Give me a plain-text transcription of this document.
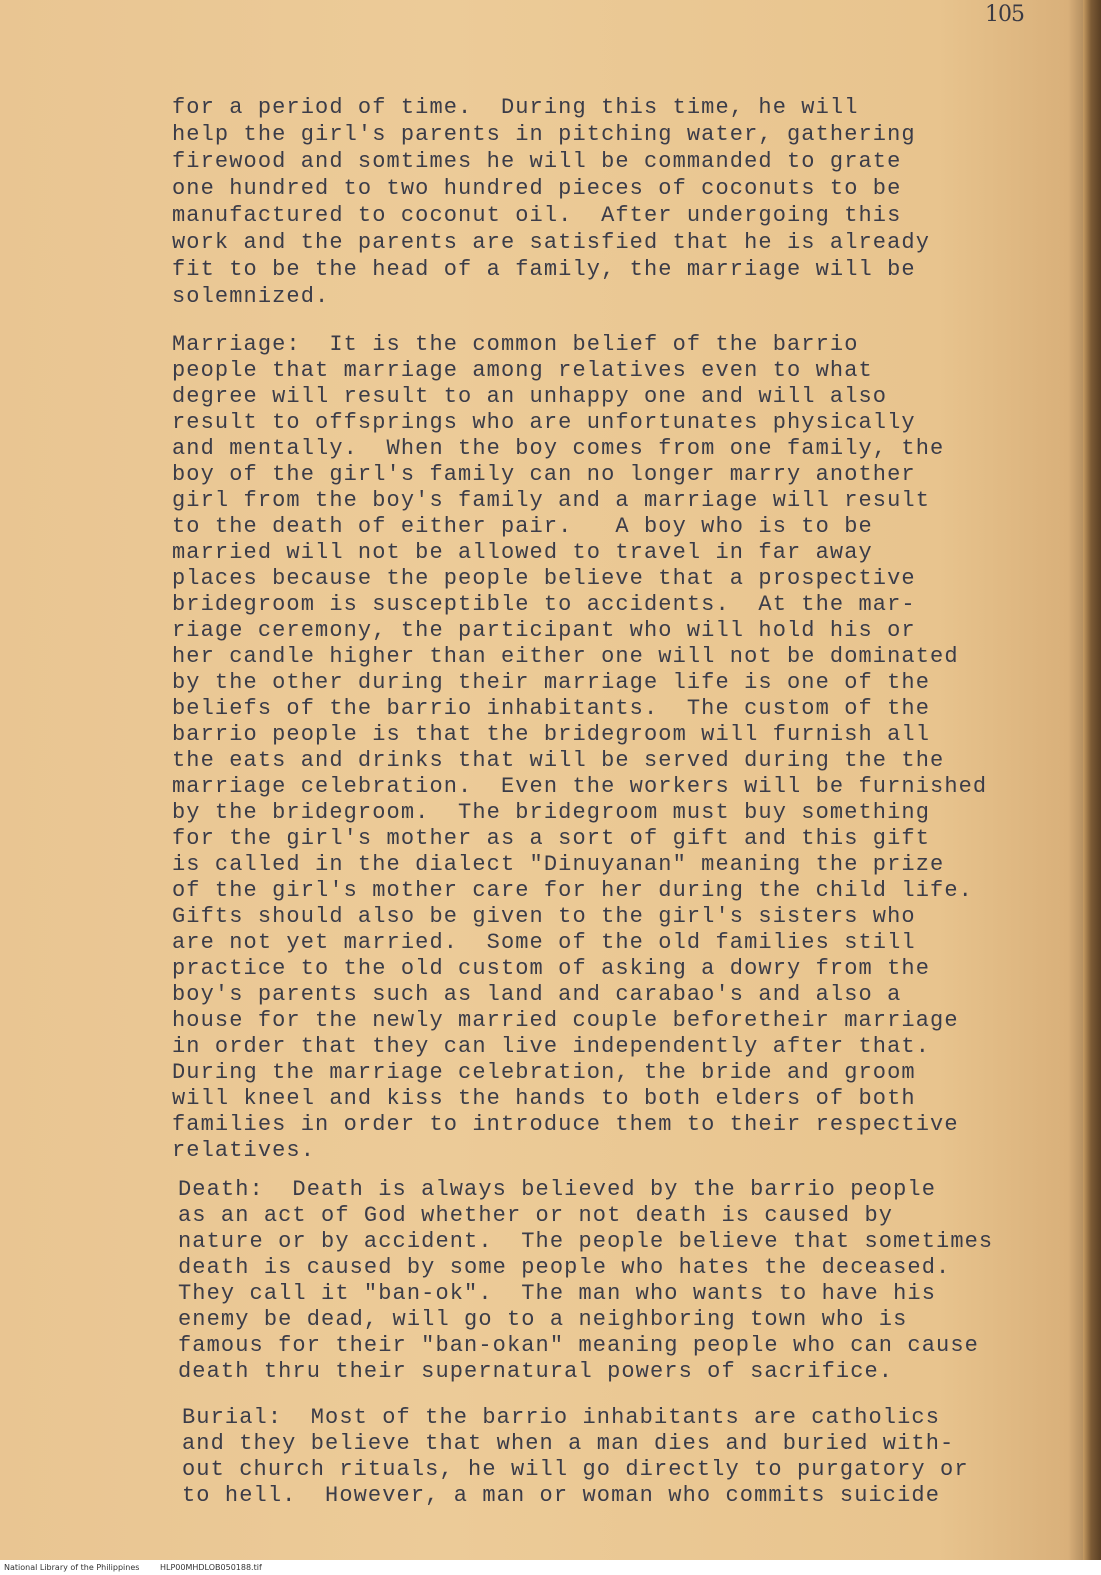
105
for a period of time.  During this time, he will
help the girl's parents in pitching water, gathering
firewood and somtimes he will be commanded to grate
one hundred to two hundred pieces of coconuts to be
manufactured to coconut oil.  After undergoing this
work and the parents are satisfied that he is already
fit to be the head of a family, the marriage will be
solemnized.
Marriage:  It is the common belief of the barrio
people that marriage among relatives even to what
degree will result to an unhappy one and will also
result to offsprings who are unfortunates physically
and mentally.  When the boy comes from one family, the
boy of the girl's family can no longer marry another
girl from the boy's family and a marriage will result
to the death of either pair.   A boy who is to be
married will not be allowed to travel in far away
places because the people believe that a prospective
bridegroom is susceptible to accidents.  At the mar-
riage ceremony, the participant who will hold his or
her candle higher than either one will not be dominated
by the other during their marriage life is one of the
beliefs of the barrio inhabitants.  The custom of the
barrio people is that the bridegroom will furnish all
the eats and drinks that will be served during the the
marriage celebration.  Even the workers will be furnished
by the bridegroom.  The bridegroom must buy something
for the girl's mother as a sort of gift and this gift
is called in the dialect "Dinuyanan" meaning the prize
of the girl's mother care for her during the child life.
Gifts should also be given to the girl's sisters who
are not yet married.  Some of the old families still
practice to the old custom of asking a dowry from the
boy's parents such as land and carabao's and also a
house for the newly married couple beforetheir marriage
in order that they can live independently after that.
During the marriage celebration, the bride and groom
will kneel and kiss the hands to both elders of both
families in order to introduce them to their respective
relatives.
Death:  Death is always believed by the barrio people
as an act of God whether or not death is caused by
nature or by accident.  The people believe that sometimes
death is caused by some people who hates the deceased.
They call it "ban-ok".  The man who wants to have his
enemy be dead, will go to a neighboring town who is
famous for their "ban-okan" meaning people who can cause
death thru their supernatural powers of sacrifice.
Burial:  Most of the barrio inhabitants are catholics
and they believe that when a man dies and buried with-
out church rituals, he will go directly to purgatory or
to hell.  However, a man or woman who commits suicide
National Library of the Philippines	HLP00MHDLOB050188.tif
